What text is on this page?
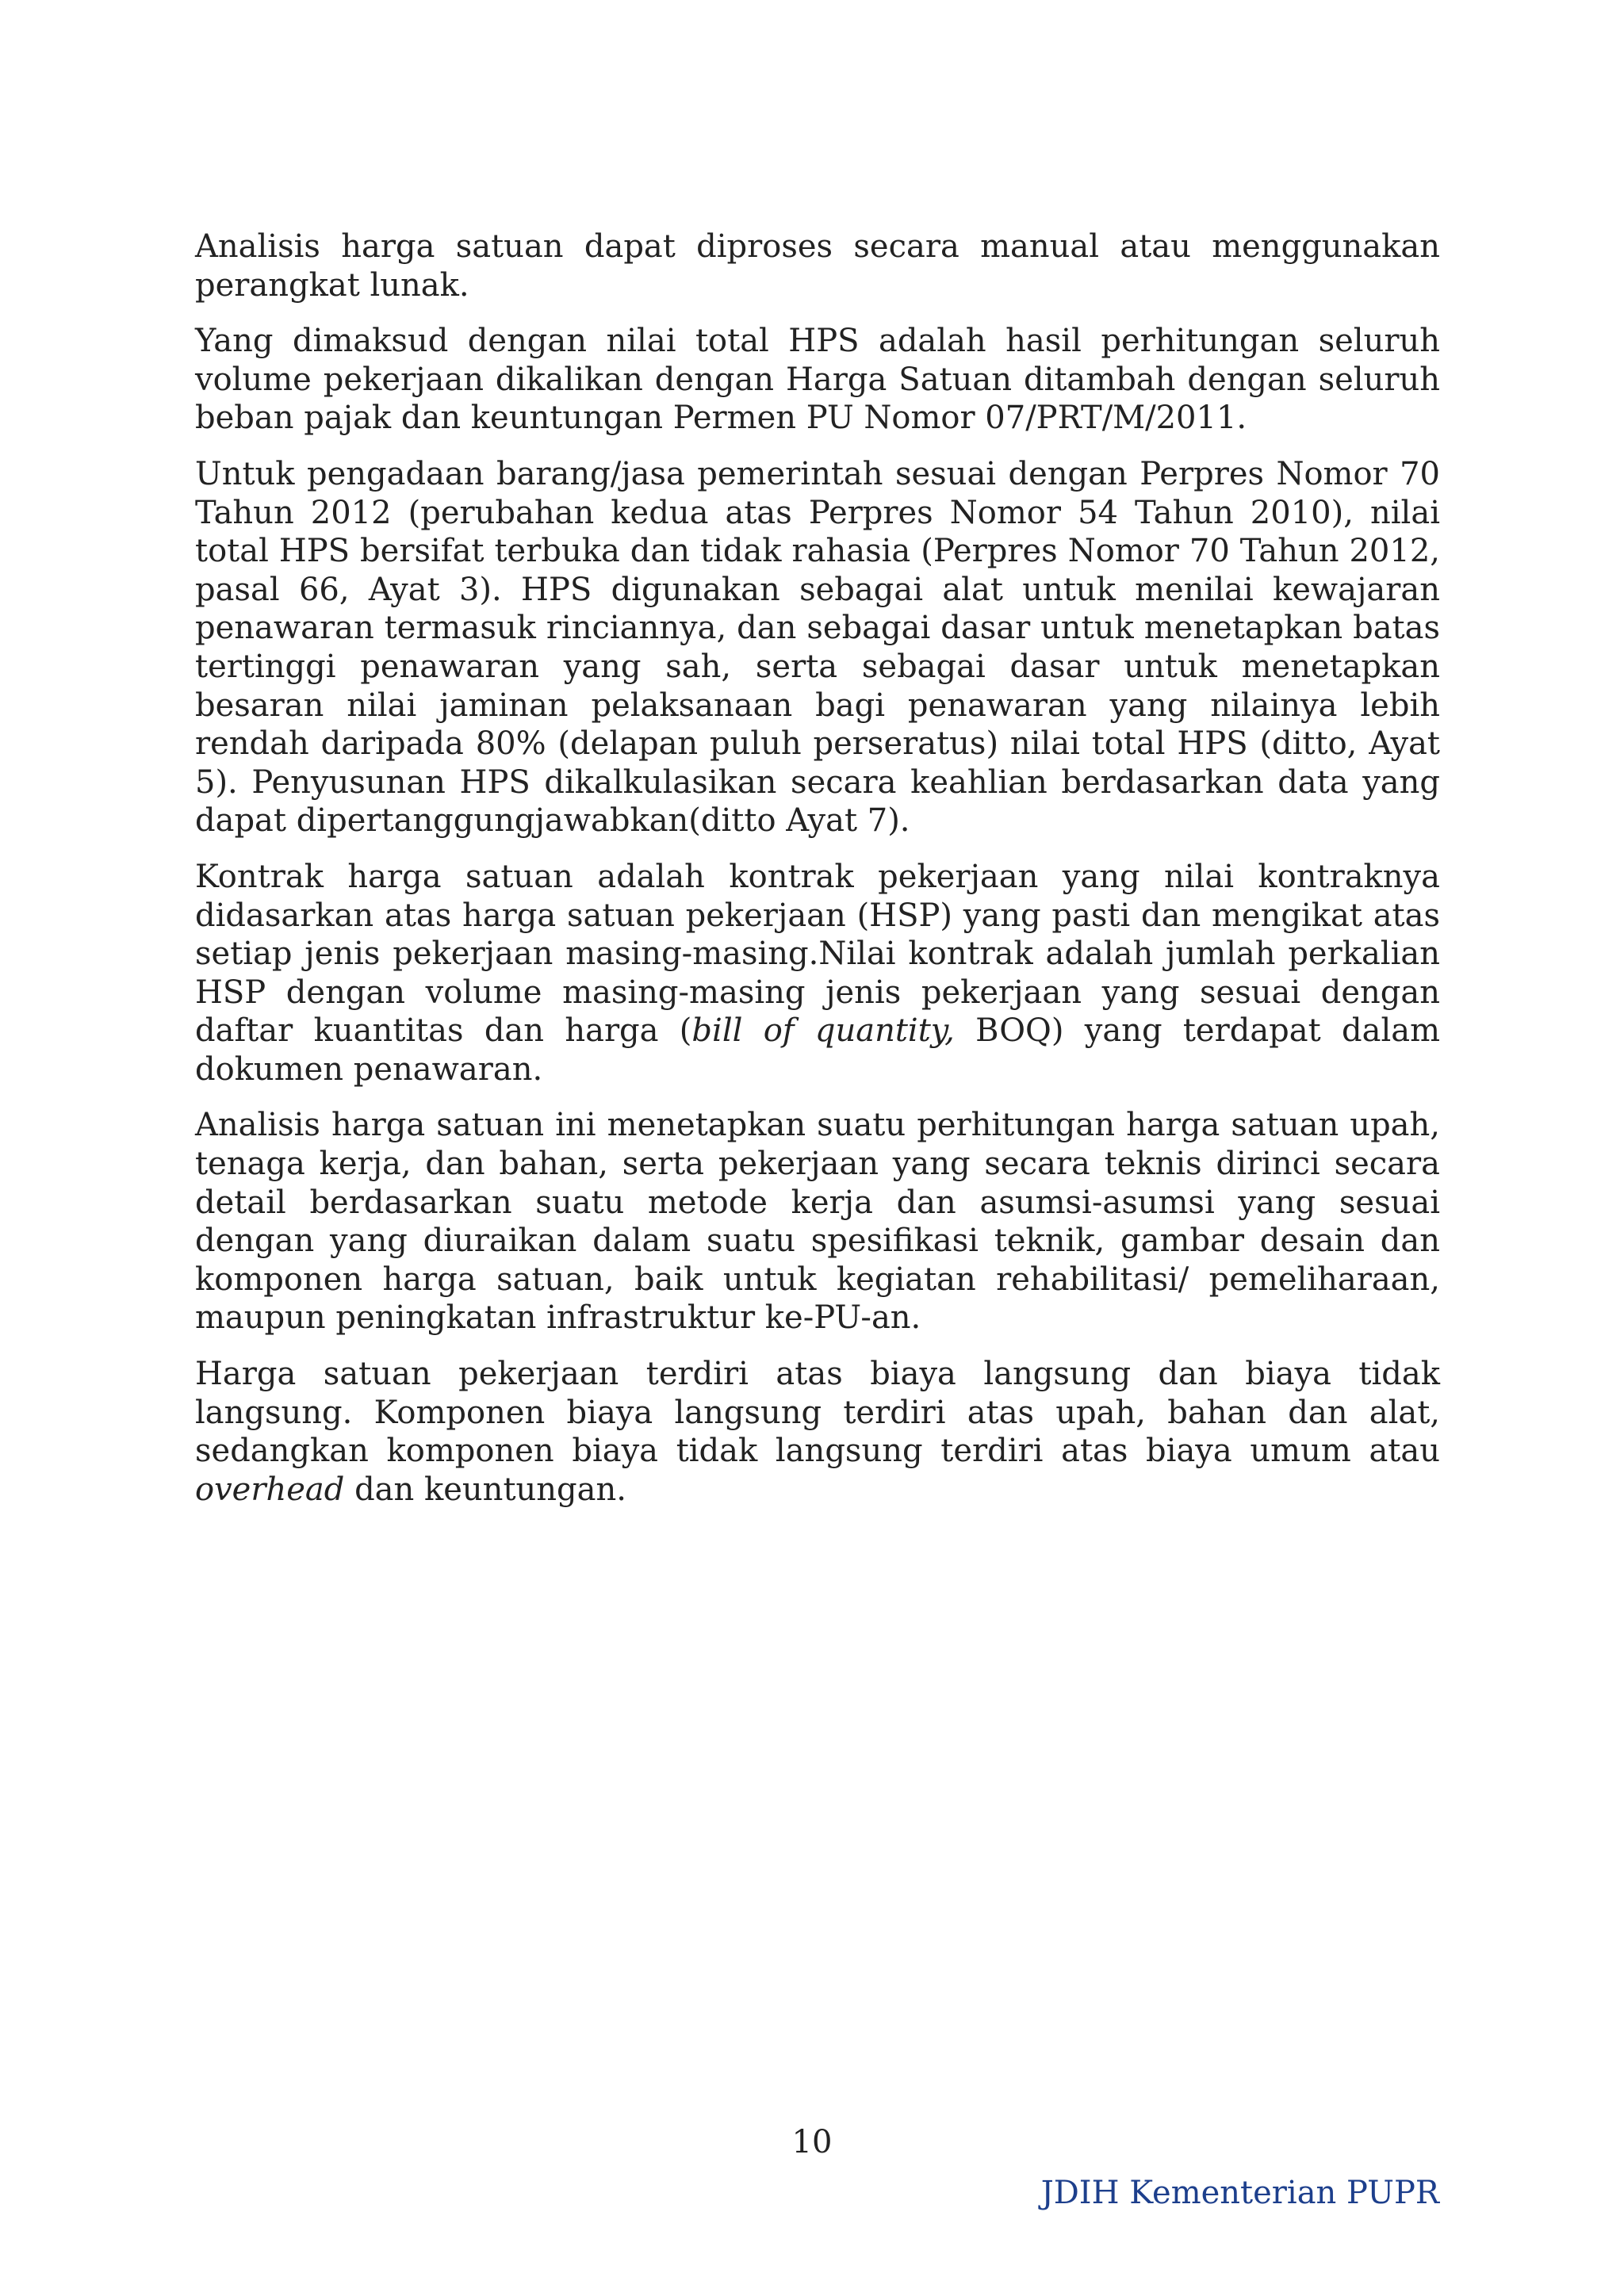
Analisis harga satuan dapat diproses secara manual atau menggunakan perangkat lunak.

Yang dimaksud dengan nilai total HPS adalah hasil perhitungan seluruh volume pekerjaan dikalikan dengan Harga Satuan ditambah dengan seluruh beban pajak dan keuntungan Permen PU Nomor 07/PRT/M/2011.

Untuk pengadaan barang/jasa pemerintah sesuai dengan Perpres Nomor 70 Tahun 2012 (perubahan kedua atas Perpres Nomor 54 Tahun 2010), nilai total HPS bersifat terbuka dan tidak rahasia (Perpres Nomor 70 Tahun 2012, pasal 66, Ayat 3). HPS digunakan sebagai alat untuk menilai kewajaran penawaran termasuk rinciannya, dan sebagai dasar untuk menetapkan batas tertinggi penawaran yang sah, serta sebagai dasar untuk menetapkan besaran nilai jaminan pelaksanaan bagi penawaran yang nilainya lebih rendah daripada 80% (delapan puluh perseratus) nilai total HPS (ditto, Ayat 5). Penyusunan HPS dikalkulasikan secara keahlian berdasarkan data yang dapat dipertanggungjawabkan(ditto Ayat 7).

Kontrak harga satuan adalah kontrak pekerjaan yang nilai kontraknya didasarkan atas harga satuan pekerjaan (HSP) yang pasti dan mengikat atas setiap jenis pekerjaan masing-masing.Nilai kontrak adalah jumlah perkalian HSP dengan volume masing-masing jenis pekerjaan yang sesuai dengan daftar kuantitas dan harga (bill of quantity, BOQ) yang terdapat dalam dokumen penawaran.

Analisis harga satuan ini menetapkan suatu perhitungan harga satuan upah, tenaga kerja, dan bahan, serta pekerjaan yang secara teknis dirinci secara detail berdasarkan suatu metode kerja dan asumsi-asumsi yang sesuai dengan yang diuraikan dalam suatu spesifikasi teknik, gambar desain dan komponen harga satuan, baik untuk kegiatan rehabilitasi/ pemeliharaan, maupun peningkatan infrastruktur ke-PU-an.

Harga satuan pekerjaan terdiri atas biaya langsung dan biaya tidak langsung. Komponen biaya langsung terdiri atas upah, bahan dan alat, sedangkan komponen biaya tidak langsung terdiri atas biaya umum atau overhead dan keuntungan.

10
JDIH Kementerian PUPR
